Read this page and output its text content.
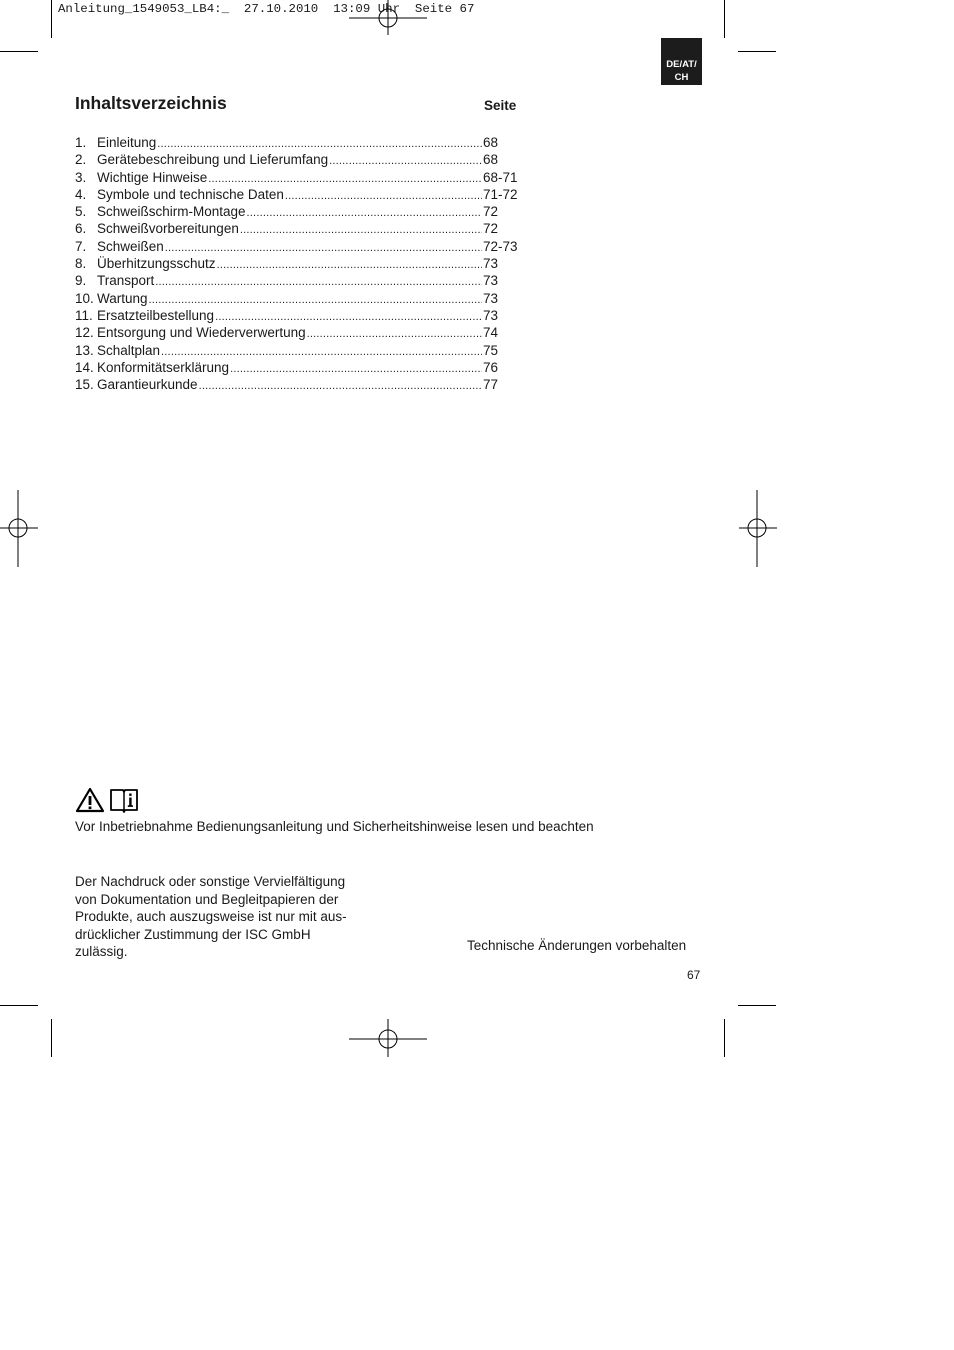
Anleitung_1549053_LB4:_  27.10.2010  13:09 Uhr  Seite 67
DE/AT/
CH
Inhaltsverzeichnis	Seite
1. Einleitung .....	68
2. Gerätebeschreibung und Lieferumfang .....	68
3. Wichtige Hinweise .....	68-71
4. Symbole und technische Daten .....	71-72
5. Schweißschirm-Montage .....	72
6. Schweißvorbereitungen .....	72
7. Schweißen .....	72-73
8. Überhitzungsschutz .....	73
9. Transport .....	73
10. Wartung .....	73
11. Ersatzteilbestellung .....	73
12. Entsorgung und Wiederverwertung .....	74
13. Schaltplan .....	75
14. Konformitätserklärung .....	76
15. Garantieurkunde .....	77
Vor Inbetriebnahme Bedienungsanleitung und Sicherheitshinweise lesen und beachten
Der Nachdruck oder sonstige Vervielfältigung
von Dokumentation und Begleitpapieren der
Produkte, auch auszugsweise ist nur mit aus-
drücklicher Zustimmung der ISC GmbH
zulässig.	Technische Änderungen vorbehalten
67
